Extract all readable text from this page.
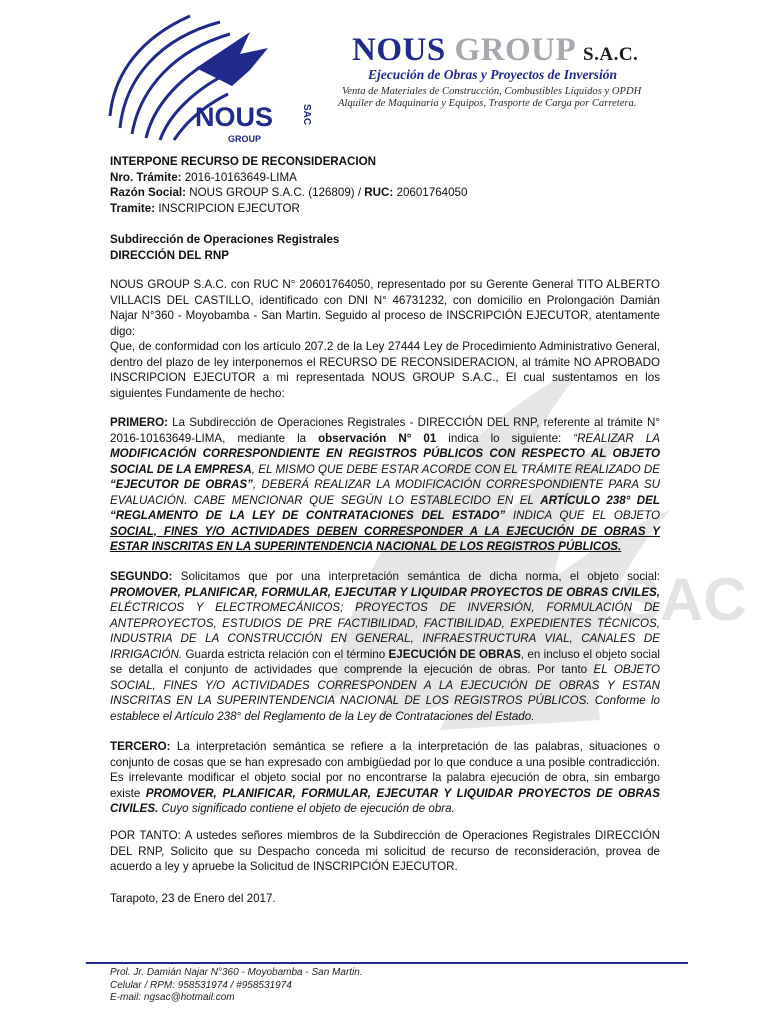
SAC
NOUS
GROUP
SAC
NOUS GROUP S.A.C.
Ejecución de Obras y Proyectos de Inversión
Venta de Materiales de Construcción, Combustibles Líquidos y OPDH
Alquiler de Maquinaria y Equipos, Trasporte de Carga por Carretera.

INTERPONE RECURSO DE RECONSIDERACION

Nro. Trámite: 2016-10163649-LIMA

Razón Social: NOUS GROUP S.A.C. (126809) / RUC: 20601764050

Tramite: INSCRIPCION EJECUTOR

Subdirección de Operaciones Registrales

DIRECCIÓN DEL RNP

NOUS GROUP S.A.C. con RUC N° 20601764050, representado por su Gerente General TITO ALBERTO VILLACIS DEL CASTILLO, identificado con DNI N° 46731232, con domicilio en Prolongación Damián Najar N°360 - Moyobamba - San Martin. Seguido al proceso de INSCRIPCIÓN EJECUTOR, atentamente digo:
Que, de conformidad con los artículo 207.2 de la Ley 27444 Ley de Procedimiento Administrativo General, dentro del plazo de ley interponemos el RECURSO DE RECONSIDERACION, al trámite NO APROBADO INSCRIPCION EJECUTOR a mi representada NOUS GROUP S.A.C., El cual sustentamos en los siguientes Fundamente de hecho:
PRIMERO: La Subdirección de Operaciones Registrales - DIRECCIÓN DEL RNP, referente al trámite N° 2016-10163649-LIMA, mediante la observación N° 01 indica lo siguiente: “REALIZAR LA MODIFICACIÓN CORRESPONDIENTE EN REGISTROS PÚBLICOS CON RESPECTO AL OBJETO SOCIAL DE LA EMPRESA, EL MISMO QUE DEBE ESTAR ACORDE CON EL TRÁMITE REALIZADO DE “EJECUTOR DE OBRAS”, DEBERÁ REALIZAR LA MODIFICACIÓN CORRESPONDIENTE PARA SU EVALUACIÓN. CABE MENCIONAR QUE SEGÚN LO ESTABLECIDO EN EL ARTÍCULO 238° DEL “REGLAMENTO DE LA LEY DE CONTRATACIONES DEL ESTADO” INDICA QUE EL OBJETO SOCIAL, FINES Y/O ACTIVIDADES DEBEN CORRESPONDER A LA EJECUCIÓN DE OBRAS Y ESTAR INSCRITAS EN LA SUPERINTENDENCIA NACIONAL DE LOS REGISTROS PÚBLICOS.
SEGUNDO: Solicitamos que por una interpretación semántica de dicha norma, el objeto social: PROMOVER, PLANIFICAR, FORMULAR, EJECUTAR Y LIQUIDAR PROYECTOS DE OBRAS CIVILES, ELÉCTRICOS Y ELECTROMECÁNICOS; PROYECTOS DE INVERSIÓN, FORMULACIÓN DE ANTEPROYECTOS, ESTUDIOS DE PRE FACTIBILIDAD, FACTIBILIDAD, EXPEDIENTES TÉCNICOS, INDUSTRIA DE LA CONSTRUCCIÓN EN GENERAL, INFRAESTRUCTURA VIAL, CANALES DE IRRIGACIÓN. Guarda estricta relación con el término EJECUCIÓN DE OBRAS, en incluso el objeto social se detalla el conjunto de actividades que comprende la ejecución de obras. Por tanto EL OBJETO SOCIAL, FINES Y/O ACTIVIDADES CORRESPONDEN A LA EJECUCIÓN DE OBRAS Y ESTAN INSCRITAS EN LA SUPERINTENDENCIA NACIONAL DE LOS REGISTROS PÚBLICOS. Conforme lo establece el Artículo 238° del Reglamento de la Ley de Contrataciones del Estado.
TERCERO: La interpretación semántica se refiere a la interpretación de las palabras, situaciones o conjunto de cosas que se han expresado con ambigüedad por lo que conduce a una posible contradicción. Es irrelevante modificar el objeto social por no encontrarse la palabra ejecución de obra, sin embargo existe PROMOVER, PLANIFICAR, FORMULAR, EJECUTAR Y LIQUIDAR PROYECTOS DE OBRAS CIVILES. Cuyo significado contiene el objeto de ejecución de obra.
POR TANTO: A ustedes señores miembros de la Subdirección de Operaciones Registrales DIRECCIÓN DEL RNP, Solicito que su Despacho conceda mi solicitud de recurso de reconsideración, provea de acuerdo a ley y apruebe la Solicitud de INSCRIPCIÓN EJECUTOR.
Tarapoto, 23 de Enero del 2017.
Prol. Jr. Damián Najar N°360 - Moyobamba - San Martin.
Celular / RPM: 958531974 / #958531974
E-mail: ngsac@hotmail.com
